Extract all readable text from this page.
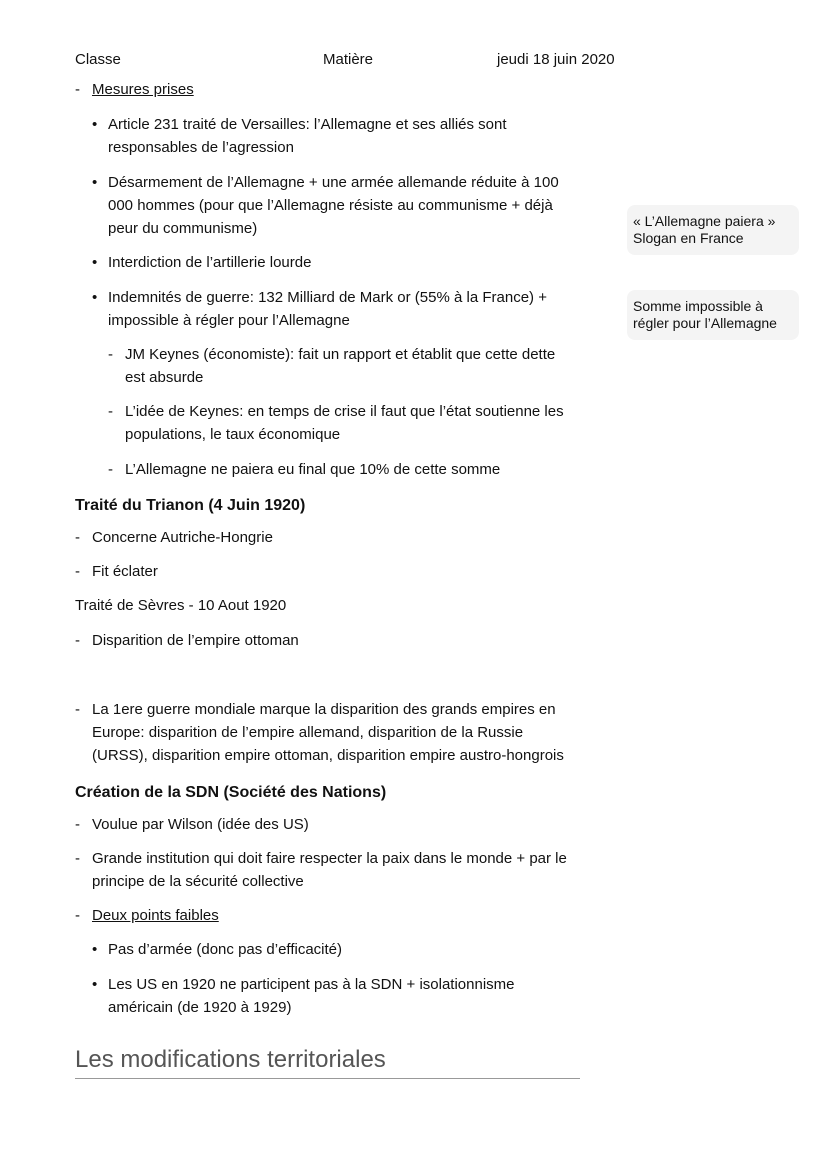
Classe	Matière	jeudi 18 juin 2020
- Mesures prises
• Article 231 traité de Versailles: l’Allemagne et ses alliés sont
responsables de l’agression
• Désarmement de l’Allemagne + une armée allemande réduite à 100
000 hommes (pour que l’Allemagne résiste au communisme + déjà
peur du communisme)
• Interdiction de l’artillerie lourde
• Indemnités de guerre: 132 Milliard de Mark or (55% à la France) +
impossible à régler pour l’Allemagne
- JM Keynes (économiste): fait un rapport et établit que cette dette
est absurde
- L’idée de Keynes: en temps de crise il faut que l’état soutienne les
populations, le taux économique
- L’Allemagne ne paiera eu final que 10% de cette somme
« L’Allemagne paiera »
Slogan en France
Somme impossible à
régler pour l’Allemagne
Traité du Trianon (4 Juin 1920)
- Concerne Autriche-Hongrie
- Fit éclater
Traité de Sèvres - 10 Aout 1920
- Disparition de l’empire ottoman
- La 1ere guerre mondiale marque la disparition des grands empires en
Europe: disparition de l’empire allemand, disparition de la Russie
(URSS), disparition empire ottoman, disparition empire austro-hongrois
Création de la SDN (Société des Nations)
- Voulue par Wilson (idée des US)
- Grande institution qui doit faire respecter la paix dans le monde + par le
principe de la sécurité collective
- Deux points faibles
• Pas d’armée (donc pas d’efficacité)
• Les US en 1920 ne participent pas à la SDN + isolationnisme
américain (de 1920 à 1929)
Les modifications territoriales
